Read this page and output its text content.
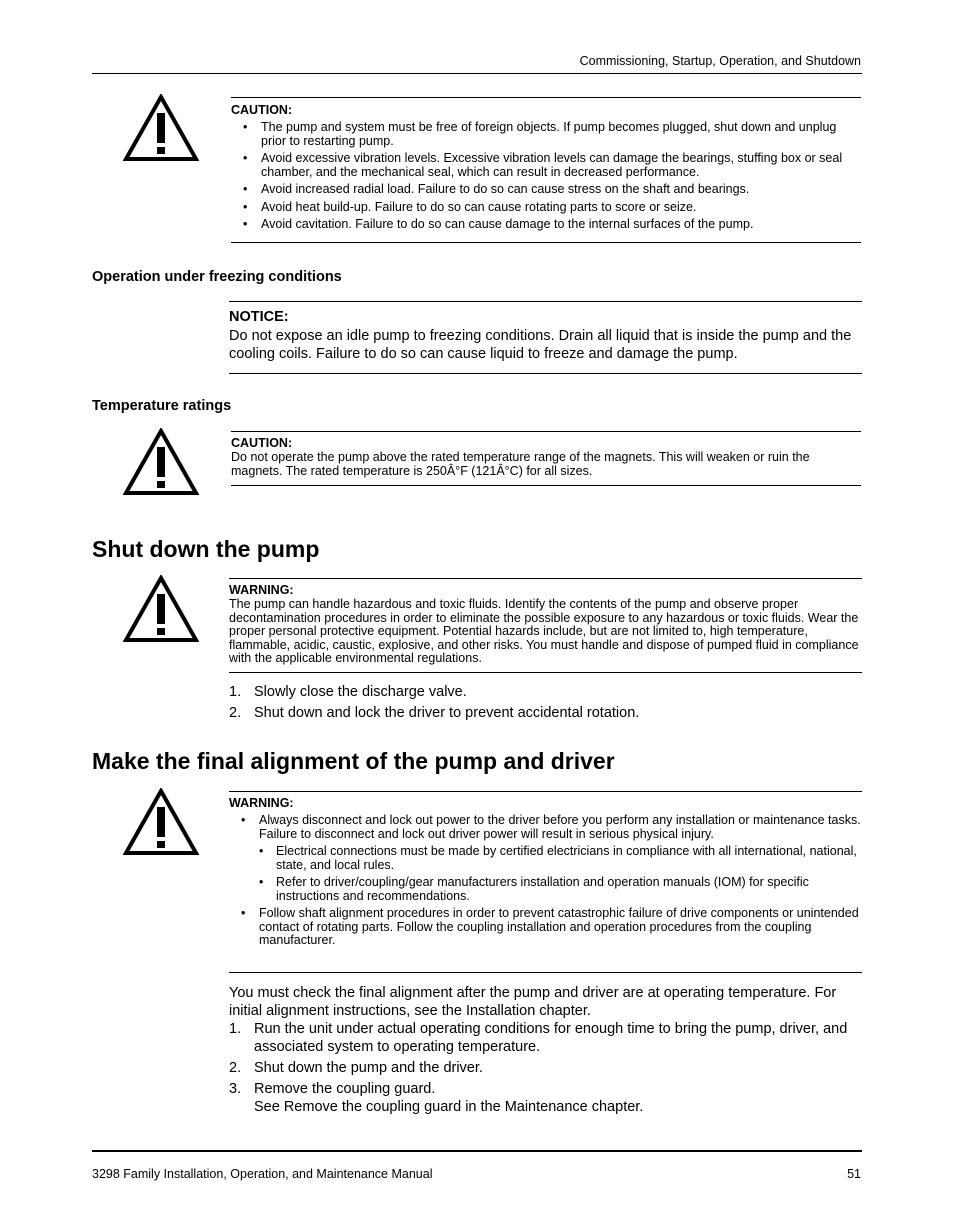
Commissioning, Startup, Operation, and Shutdown
CAUTION:
• The pump and system must be free of foreign objects. If pump becomes plugged, shut down and unplug prior to restarting pump.
• Avoid excessive vibration levels. Excessive vibration levels can damage the bearings, stuffing box or seal chamber, and the mechanical seal, which can result in decreased performance.
• Avoid increased radial load. Failure to do so can cause stress on the shaft and bearings.
• Avoid heat build-up. Failure to do so can cause rotating parts to score or seize.
• Avoid cavitation. Failure to do so can cause damage to the internal surfaces of the pump.
Operation under freezing conditions
NOTICE:
Do not expose an idle pump to freezing conditions. Drain all liquid that is inside the pump and the cooling coils. Failure to do so can cause liquid to freeze and damage the pump.
Temperature ratings
CAUTION:
Do not operate the pump above the rated temperature range of the magnets. This will weaken or ruin the magnets. The rated temperature is 250Â°F (121Â°C) for all sizes.
Shut down the pump
WARNING:
The pump can handle hazardous and toxic fluids. Identify the contents of the pump and observe proper decontamination procedures in order to eliminate the possible exposure to any hazardous or toxic fluids. Wear the proper personal protective equipment. Potential hazards include, but are not limited to, high temperature, flammable, acidic, caustic, explosive, and other risks. You must handle and dispose of pumped fluid in compliance with the applicable environmental regulations.
1. Slowly close the discharge valve.
2. Shut down and lock the driver to prevent accidental rotation.
Make the final alignment of the pump and driver
WARNING:
• Always disconnect and lock out power to the driver before you perform any installation or maintenance tasks. Failure to disconnect and lock out driver power will result in serious physical injury.
• Electrical connections must be made by certified electricians in compliance with all international, national, state, and local rules.
• Refer to driver/coupling/gear manufacturers installation and operation manuals (IOM) for specific instructions and recommendations.
• Follow shaft alignment procedures in order to prevent catastrophic failure of drive components or unintended contact of rotating parts. Follow the coupling installation and operation procedures from the coupling manufacturer.
You must check the final alignment after the pump and driver are at operating temperature. For initial alignment instructions, see the Installation chapter.
1. Run the unit under actual operating conditions for enough time to bring the pump, driver, and associated system to operating temperature.
2. Shut down the pump and the driver.
3. Remove the coupling guard.
See Remove the coupling guard in the Maintenance chapter.
3298 Family Installation, Operation, and Maintenance Manual	51
